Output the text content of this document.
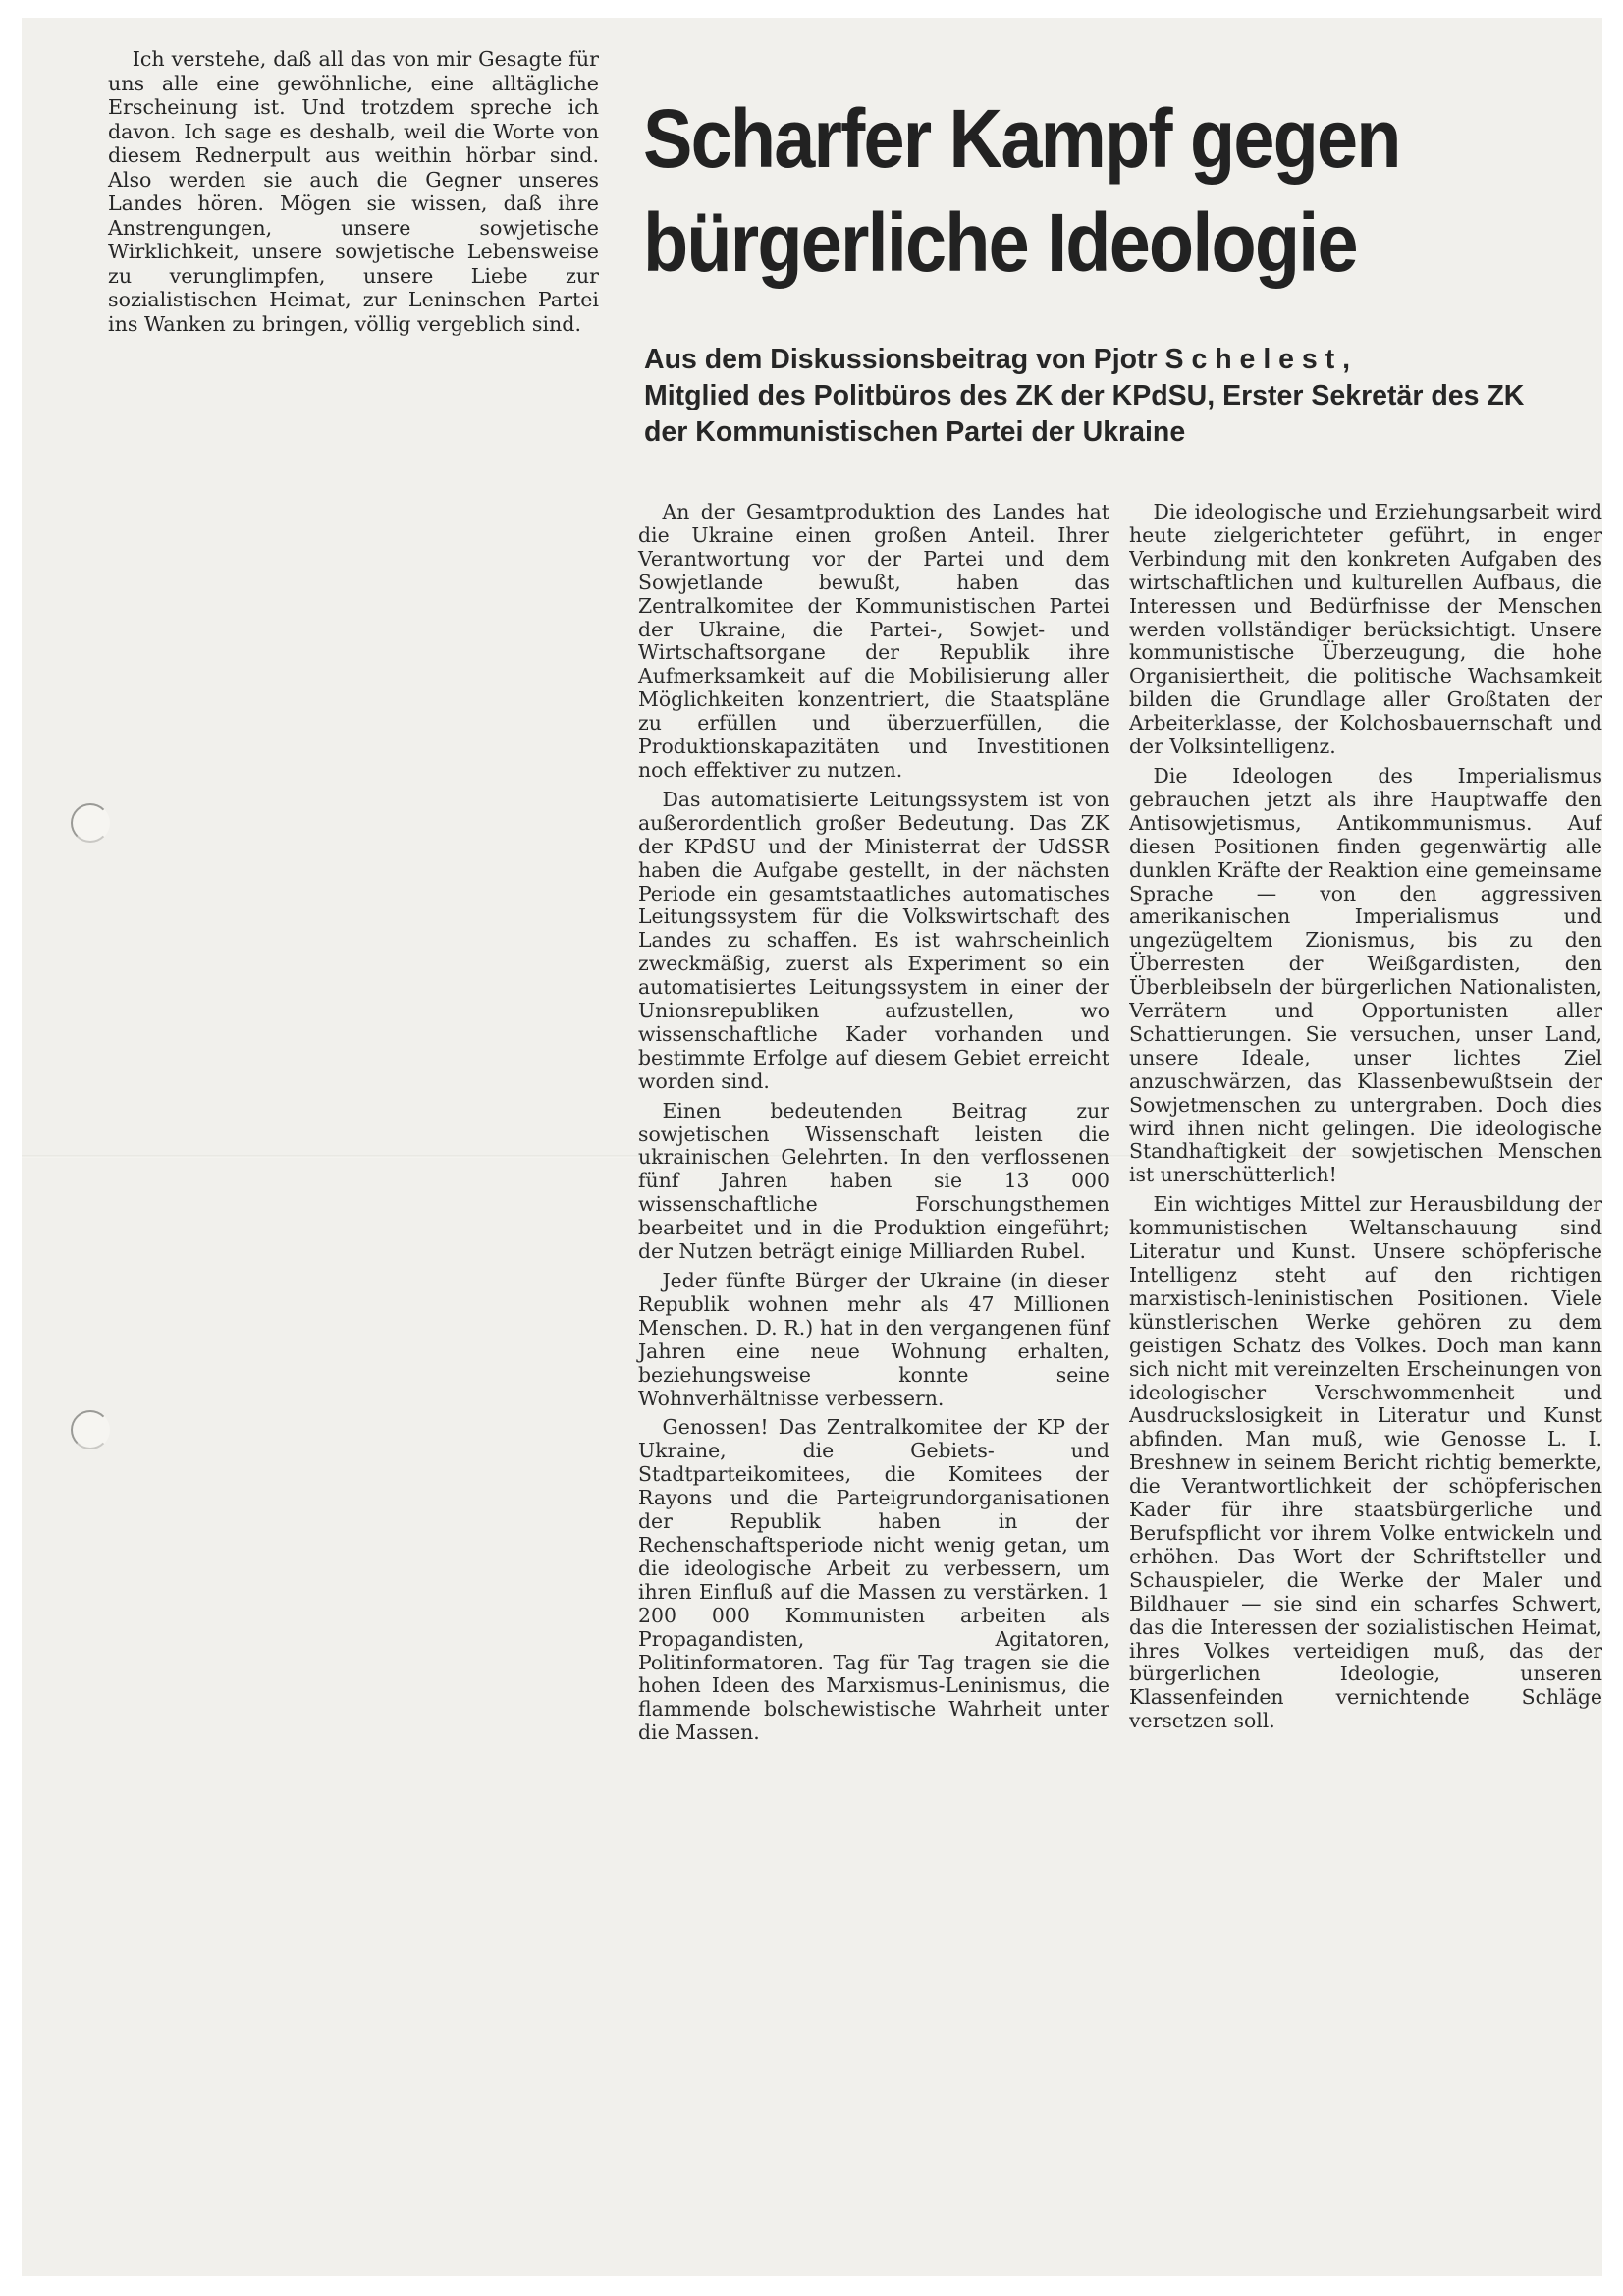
Ich verstehe, daß all das von mir Gesagte für uns alle eine gewöhnliche, eine alltägliche Erscheinung ist. Und trotzdem spreche ich davon. Ich sage es deshalb, weil die Worte von diesem Rednerpult aus weithin hörbar sind. Also werden sie auch die Gegner unseres Landes hören. Mögen sie wissen, daß ihre Anstrengungen, unsere sowjetische Wirklichkeit, unsere sowjetische Lebensweise zu verunglimpfen, unsere Liebe zur sozialistischen Heimat, zur Leninschen Partei ins Wanken zu bringen, völlig vergeblich sind.

Scharfer Kampf gegen
bürgerliche Ideologie
Aus dem Diskussionsbeitrag von Pjotr S c h e l e s t ,
Mitglied des Politbüros des ZK der KPdSU, Erster Sekretär des ZK
der Kommunistischen Partei der Ukraine

An der Gesamtproduktion des Landes hat die Ukraine einen großen Anteil. Ihrer Verantwortung vor der Partei und dem Sowjetlande bewußt, haben das Zentralkomitee der Kommunistischen Partei der Ukraine, die Partei-, Sowjet- und Wirtschaftsorgane der Republik ihre Aufmerksamkeit auf die Mobilisierung aller Möglichkeiten konzentriert, die Staatspläne zu erfüllen und überzuerfüllen, die Produktionskapazitäten und Investitionen noch effektiver zu nutzen.

Das automatisierte Leitungssystem ist von außerordentlich großer Bedeutung. Das ZK der KPdSU und der Ministerrat der UdSSR haben die Aufgabe gestellt, in der nächsten Periode ein gesamtstaatliches automatisches Leitungssystem für die Volkswirtschaft des Landes zu schaffen. Es ist wahrscheinlich zweckmäßig, zuerst als Experiment so ein automatisiertes Leitungssystem in einer der Unionsrepubliken aufzustellen, wo wissenschaftliche Kader vorhanden und bestimmte Erfolge auf diesem Gebiet erreicht worden sind.

Einen bedeutenden Beitrag zur sowjetischen Wissenschaft leisten die ukrainischen Gelehrten. In den verflossenen fünf Jahren haben sie 13 000 wissenschaftliche Forschungsthemen bearbeitet und in die Produktion eingeführt; der Nutzen beträgt einige Milliarden Rubel.

Jeder fünfte Bürger der Ukraine (in dieser Republik wohnen mehr als 47 Millionen Menschen. D. R.) hat in den vergangenen fünf Jahren eine neue Wohnung erhalten, beziehungsweise konnte seine Wohnverhältnisse verbessern.

Genossen! Das Zentralkomitee der KP der Ukraine, die Gebiets- und Stadtparteikomitees, die Komitees der Rayons und die Parteigrundorganisationen der Republik haben in der Rechenschaftsperiode nicht wenig getan, um die ideologische Arbeit zu verbessern, um ihren Einfluß auf die Massen zu verstärken. 1 200 000 Kommunisten arbeiten als Propagandisten, Agitatoren, Politinformatoren. Tag für Tag tragen sie die hohen Ideen des Marxismus-Leninismus, die flammende bolschewistische Wahrheit unter die Massen.

Die ideologische und Erziehungsarbeit wird heute zielgerichteter geführt, in enger Verbindung mit den konkreten Aufgaben des wirtschaftlichen und kulturellen Aufbaus, die Interessen und Bedürfnisse der Menschen werden vollständiger berücksichtigt. Unsere kommunistische Überzeugung, die hohe Organisiertheit, die politische Wachsamkeit bilden die Grundlage aller Großtaten der Arbeiterklasse, der Kolchosbauernschaft und der Volksintelligenz.

Die Ideologen des Imperialismus gebrauchen jetzt als ihre Hauptwaffe den Antisowjetismus, Antikommunismus. Auf diesen Positionen finden gegenwärtig alle dunklen Kräfte der Reaktion eine gemeinsame Sprache — von den aggressiven amerikanischen Imperialismus und ungezügeltem Zionismus, bis zu den Überresten der Weißgardisten, den Überbleibseln der bürgerlichen Nationalisten, Verrätern und Opportunisten aller Schattierungen. Sie versuchen, unser Land, unsere Ideale, unser lichtes Ziel anzuschwärzen, das Klassenbewußtsein der Sowjetmenschen zu untergraben. Doch dies wird ihnen nicht gelingen. Die ideologische Standhaftigkeit der sowjetischen Menschen ist unerschütterlich!

Ein wichtiges Mittel zur Herausbildung der kommunistischen Weltanschauung sind Literatur und Kunst. Unsere schöpferische Intelligenz steht auf den richtigen marxistisch-leninistischen Positionen. Viele künstlerischen Werke gehören zu dem geistigen Schatz des Volkes. Doch man kann sich nicht mit vereinzelten Erscheinungen von ideologischer Verschwommenheit und Ausdruckslosigkeit in Literatur und Kunst abfinden. Man muß, wie Genosse L. I. Breshnew in seinem Bericht richtig bemerkte, die Verantwortlichkeit der schöpferischen Kader für ihre staatsbürgerliche und Berufspflicht vor ihrem Volke entwickeln und erhöhen. Das Wort der Schriftsteller und Schauspieler, die Werke der Maler und Bildhauer — sie sind ein scharfes Schwert, das die Interessen der sozialistischen Heimat, ihres Volkes verteidigen muß, das der bürgerlichen Ideologie, unseren Klassenfeinden vernichtende Schläge versetzen soll.
